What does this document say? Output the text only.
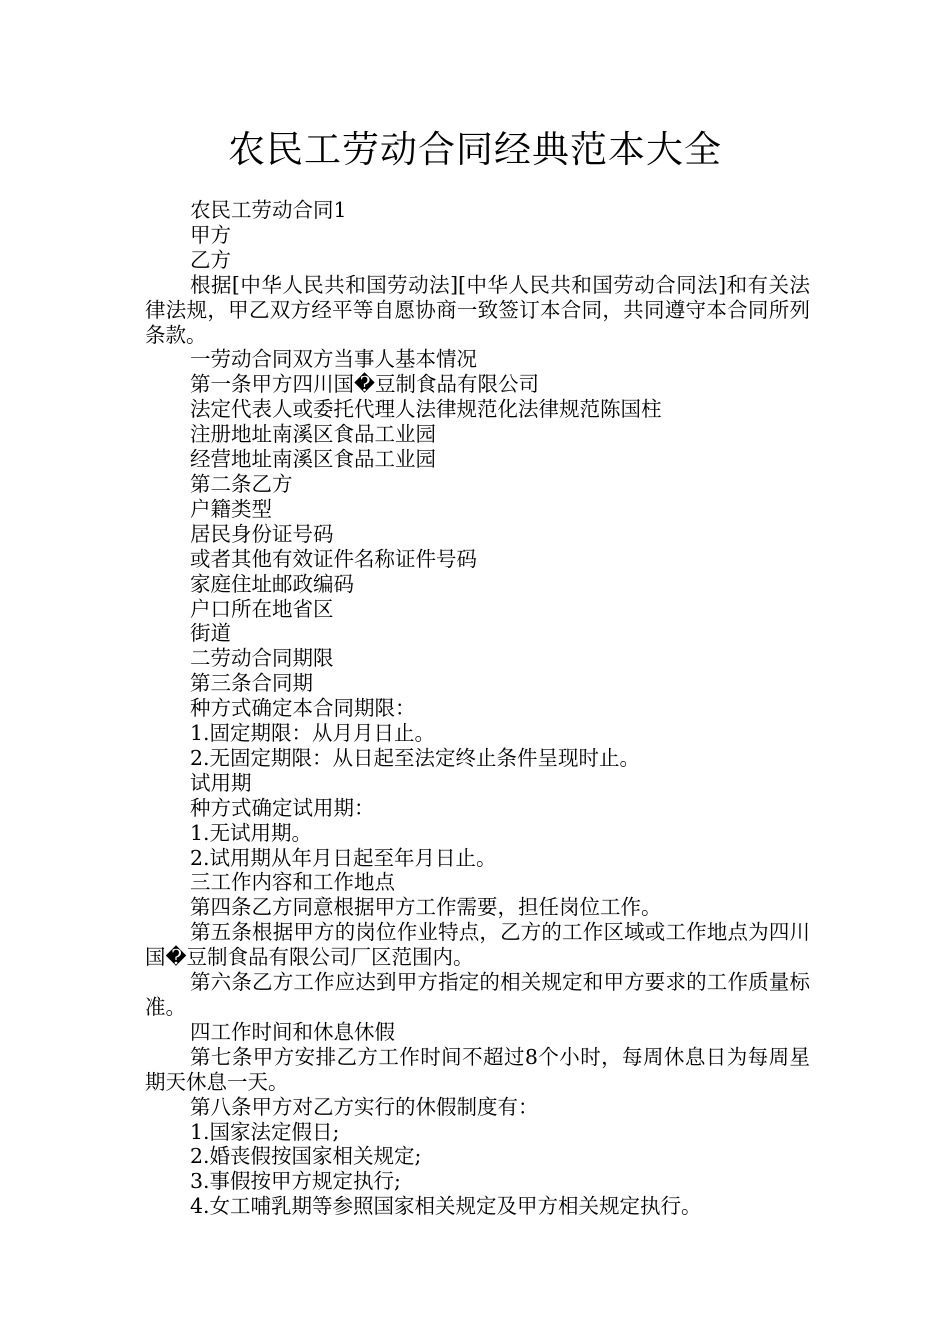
农民工劳动合同经典范本大全

农民工劳动合同1

甲方

乙方

根据[中华人民共和国劳动法][中华人民共和国劳动合同法]和有关法律法规，甲乙双方经平等自愿协商一致签订本合同，共同遵守本合同所列条款。

一劳动合同双方当事人基本情况

第一条甲方四川国�豆制食品有限公司

法定代表人或委托代理人法律规范化法律规范陈国柱

注册地址南溪区食品工业园

经营地址南溪区食品工业园

第二条乙方

户籍类型

居民身份证号码

或者其他有效证件名称证件号码

家庭住址邮政编码

户口所在地省区

街道

二劳动合同期限

第三条合同期

种方式确定本合同期限：

1.固定期限：从月月日止。

2.无固定期限：从日起至法定终止条件呈现时止。

试用期

种方式确定试用期：

1.无试用期。

2.试用期从年月日起至年月日止。

三工作内容和工作地点

第四条乙方同意根据甲方工作需要，担任岗位工作。

第五条根据甲方的岗位作业特点，乙方的工作区域或工作地点为四川国�豆制食品有限公司厂区范围内。

第六条乙方工作应达到甲方指定的相关规定和甲方要求的工作质量标准。

四工作时间和休息休假

第七条甲方安排乙方工作时间不超过8个小时，每周休息日为每周星期天休息一天。

第八条甲方对乙方实行的休假制度有：

1.国家法定假日;

2.婚丧假按国家相关规定;

3.事假按甲方规定执行;

4.女工哺乳期等参照国家相关规定及甲方相关规定执行。
